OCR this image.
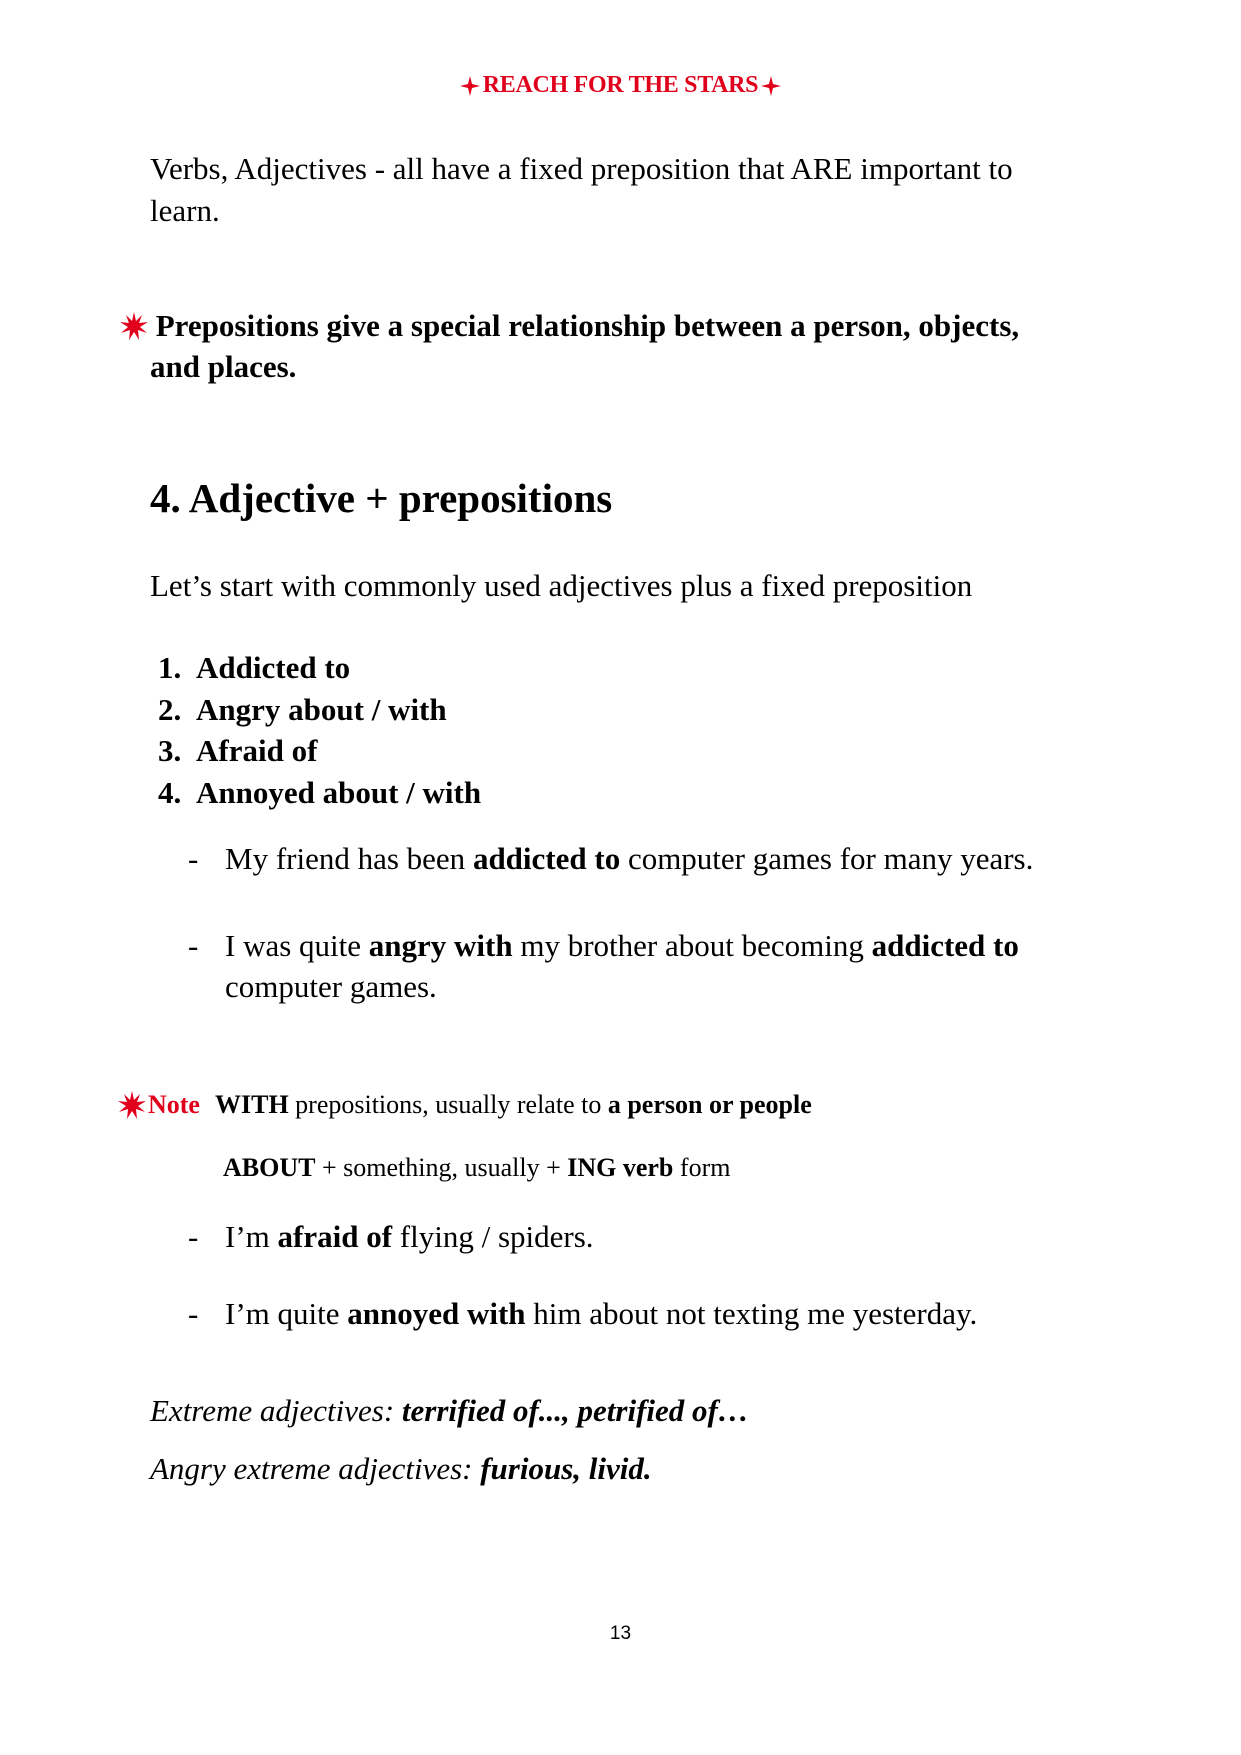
REACH FOR THE STARS
Verbs, Adjectives - all have a fixed preposition that ARE important to
learn.
Prepositions give a special relationship between a person, objects,
and places.
4. Adjective + prepositions
Let’s start with commonly used adjectives plus a fixed preposition
1. Addicted to
2. Angry about / with
3. Afraid of
4. Annoyed about / with
- My friend has been addicted to computer games for many years.
- I was quite angry with my brother about becoming addicted to
computer games.
Note WITH prepositions, usually relate to a person or people
ABOUT + something, usually + ING verb form
- I’m afraid of flying / spiders.
- I’m quite annoyed with him about not texting me yesterday.
Extreme adjectives: terrified of..., petrified of…
Angry extreme adjectives: furious, livid.
13
